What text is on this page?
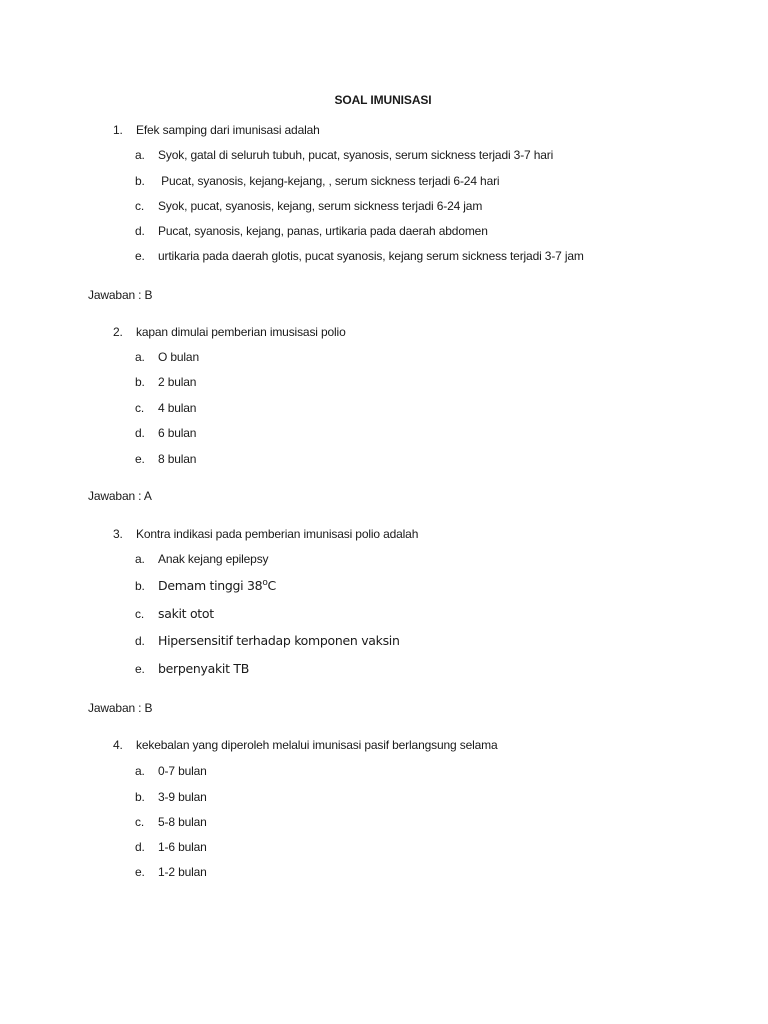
SOAL IMUNISASI
1. Efek samping dari imunisasi adalah
a. Syok, gatal di seluruh tubuh, pucat, syanosis, serum sickness terjadi 3-7 hari
b. Pucat, syanosis, kejang-kejang, , serum sickness terjadi 6-24 hari
c. Syok, pucat, syanosis, kejang, serum sickness terjadi 6-24 jam
d. Pucat, syanosis, kejang, panas, urtikaria pada daerah abdomen
e. urtikaria pada daerah glotis, pucat syanosis, kejang serum sickness terjadi 3-7 jam
Jawaban : B
2. kapan dimulai pemberian imusisasi polio
a. O bulan
b. 2 bulan
c. 4 bulan
d. 6 bulan
e. 8 bulan
Jawaban : A
3. Kontra indikasi pada pemberian imunisasi polio adalah
a. Anak kejang epilepsy
b. Demam tinggi 38$^o$C
c. sakit otot
d. Hipersensitif terhadap komponen vaksin
e. berpenyakit TB
Jawaban : B
4. kekebalan yang diperoleh melalui imunisasi pasif berlangsung selama
a. 0-7 bulan
b. 3-9 bulan
c. 5-8 bulan
d. 1-6 bulan
e. 1-2 bulan
